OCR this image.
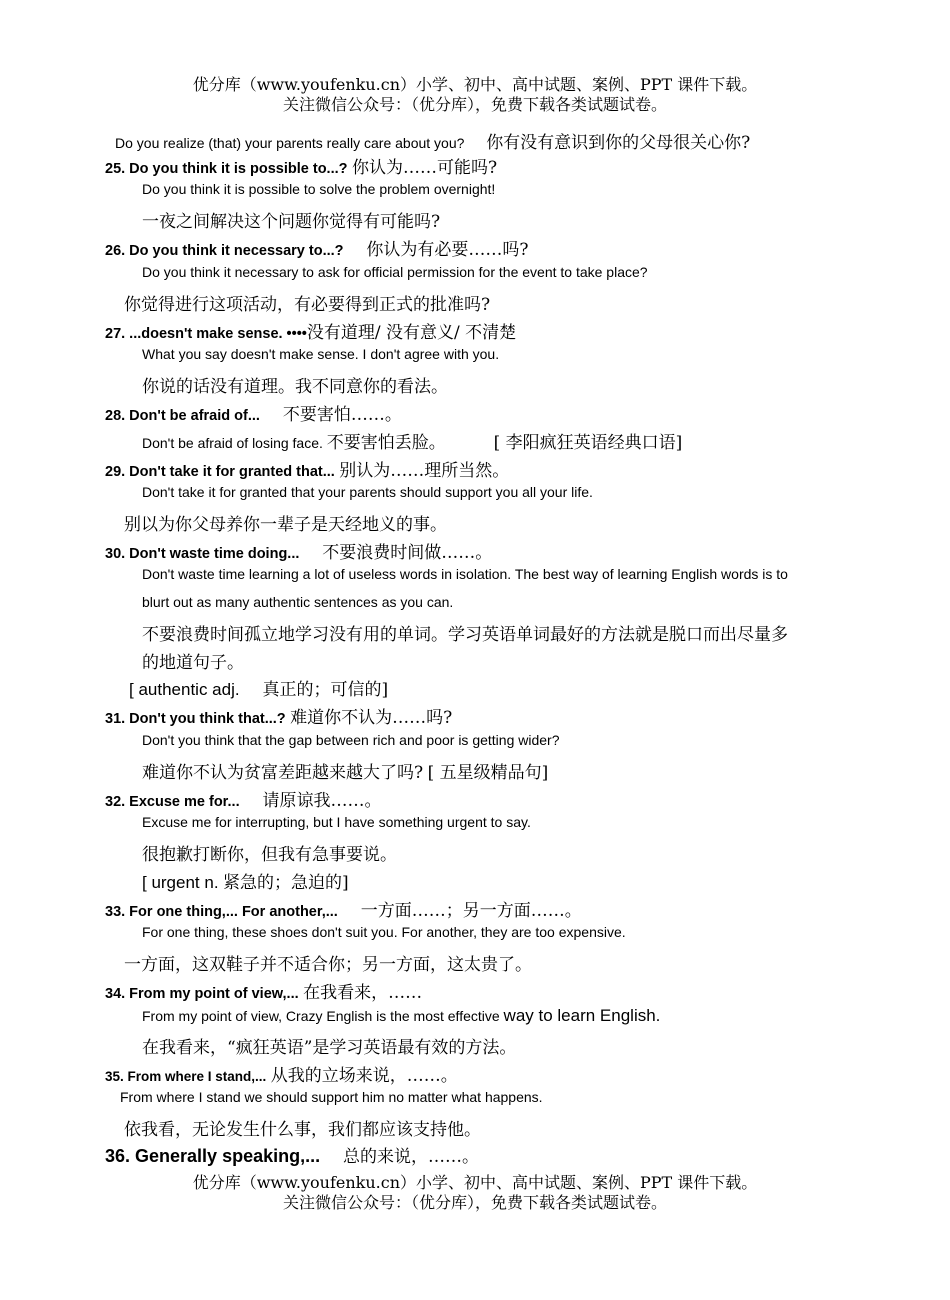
优分库（www.youfenku.cn）小学、初中、高中试题、案例、PPT 课件下载。
关注微信公众号：（优分库），免费下载各类试题试卷。
Do you realize (that) your parents really care about you? 你有没有意识到你的父母很关心你?
25. Do you think it is possible to...? 你认为……可能吗?
Do you think it is possible to solve the problem overnight!
一夜之间解决这个问题你觉得有可能吗?
26. Do you think it necessary to...? 你认为有必要……吗?
Do you think it necessary to ask for official permission for the event to take place?
你觉得进行这项活动，有必要得到正式的批准吗?
27. ...doesn't make sense. ••••没有道理/ 没有意义/ 不清楚
What you say doesn't make sense. I don't agree with you.
你说的话没有道理。我不同意你的看法。
28. Don't be afraid of... 不要害怕……。
Don't be afraid of losing face. 不要害怕丢脸。	[ 李阳疯狂英语经典口语]
29. Don't take it for granted that... 别认为……理所当然。
Don't take it for granted that your parents should support you all your life.
别以为你父母养你一辈子是天经地义的事。
30. Don't waste time doing... 不要浪费时间做……。
Don't waste time learning a lot of useless words in isolation. The best way of learning English words is to
blurt out as many authentic sentences as you can.
不要浪费时间孤立地学习没有用的单词。学习英语单词最好的方法就是脱口而出尽量多
的地道句子。
[ authentic adj. 真正的；可信的]
31. Don't you think that...? 难道你不认为……吗?
Don't you think that the gap between rich and poor is getting wider?
难道你不认为贫富差距越来越大了吗? [ 五星级精品句]
32. Excuse me for... 请原谅我……。
Excuse me for interrupting, but I have something urgent to say.
很抱歉打断你，但我有急事要说。
[ urgent n. 紧急的；急迫的]
33. For one thing,... For another,... 一方面……；另一方面……。
For one thing, these shoes don't suit you. For another, they are too expensive.
一方面，这双鞋子并不适合你；另一方面，这太贵了。
34. From my point of view,... 在我看来，……
From my point of view, Crazy English is the most effective way to learn English.
在我看来，“疯狂英语”是学习英语最有效的方法。
35. From where I stand,... 从我的立场来说，……。
From where I stand we should support him no matter what happens.
依我看，无论发生什么事，我们都应该支持他。
36. Generally speaking,... 总的来说，……。
优分库（www.youfenku.cn）小学、初中、高中试题、案例、PPT 课件下载。
关注微信公众号：（优分库），免费下载各类试题试卷。
